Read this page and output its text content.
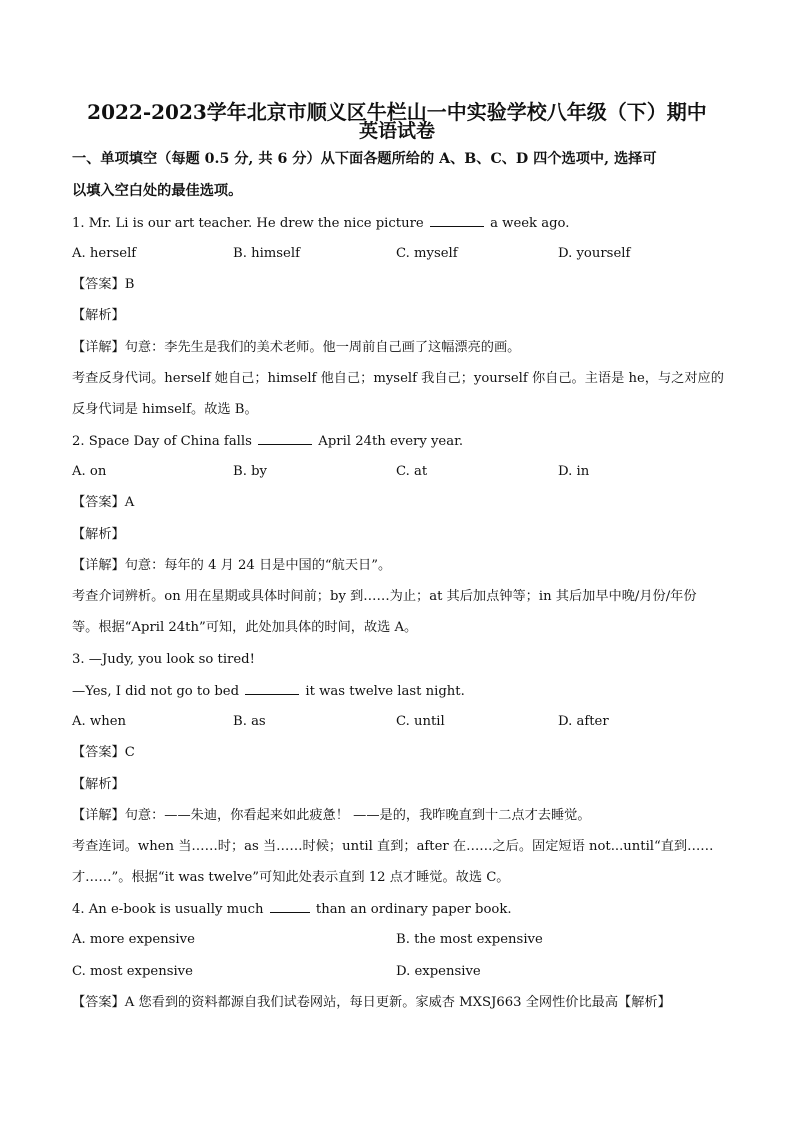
2022-2023学年北京市顺义区牛栏山一中实验学校八年级（下）期中
英语试卷
一、单项填空（每题 0.5 分, 共 6 分）从下面各题所给的 A、B、C、D 四个选项中, 选择可
以填入空白处的最佳选项。
1. Mr. Li is our art teacher. He drew the nice picture	a week ago.
A. herself	B. himself	C. myself	D. yourself
【答案】B
【解析】
【详解】句意：李先生是我们的美术老师。他一周前自己画了这幅漂亮的画。
考查反身代词。herself 她自己；himself 他自己；myself 我自己；yourself 你自己。主语是 he，与之对应的
反身代词是 himself。故选 B。
2. Space Day of China falls	April 24th every year.
A. on	B. by	C. at	D. in
【答案】A
【解析】
【详解】句意：每年的 4 月 24 日是中国的“航天日”。
考查介词辨析。on 用在星期或具体时间前；by 到……为止；at 其后加点钟等；in 其后加早中晚/月份/年份
等。根据“April 24th”可知，此处加具体的时间，故选 A。
3. —Judy, you look so tired!
—Yes, I did not go to bed	it was twelve last night.
A. when	B. as	C. until	D. after
【答案】C
【解析】
【详解】句意：——朱迪，你看起来如此疲惫！ ——是的，我昨晚直到十二点才去睡觉。
考查连词。when 当……时；as 当……时候；until 直到；after 在……之后。固定短语 not...until“直到……
才……”。根据“it was twelve”可知此处表示直到 12 点才睡觉。故选 C。
4. An e-book is usually much	than an ordinary paper book.
A. more expensive	B. the most expensive
C. most expensive	D. expensive
【答案】A 您看到的资料都源自我们试卷网站，每日更新。家威杏 MXSJ663 全网性价比最高【解析】
